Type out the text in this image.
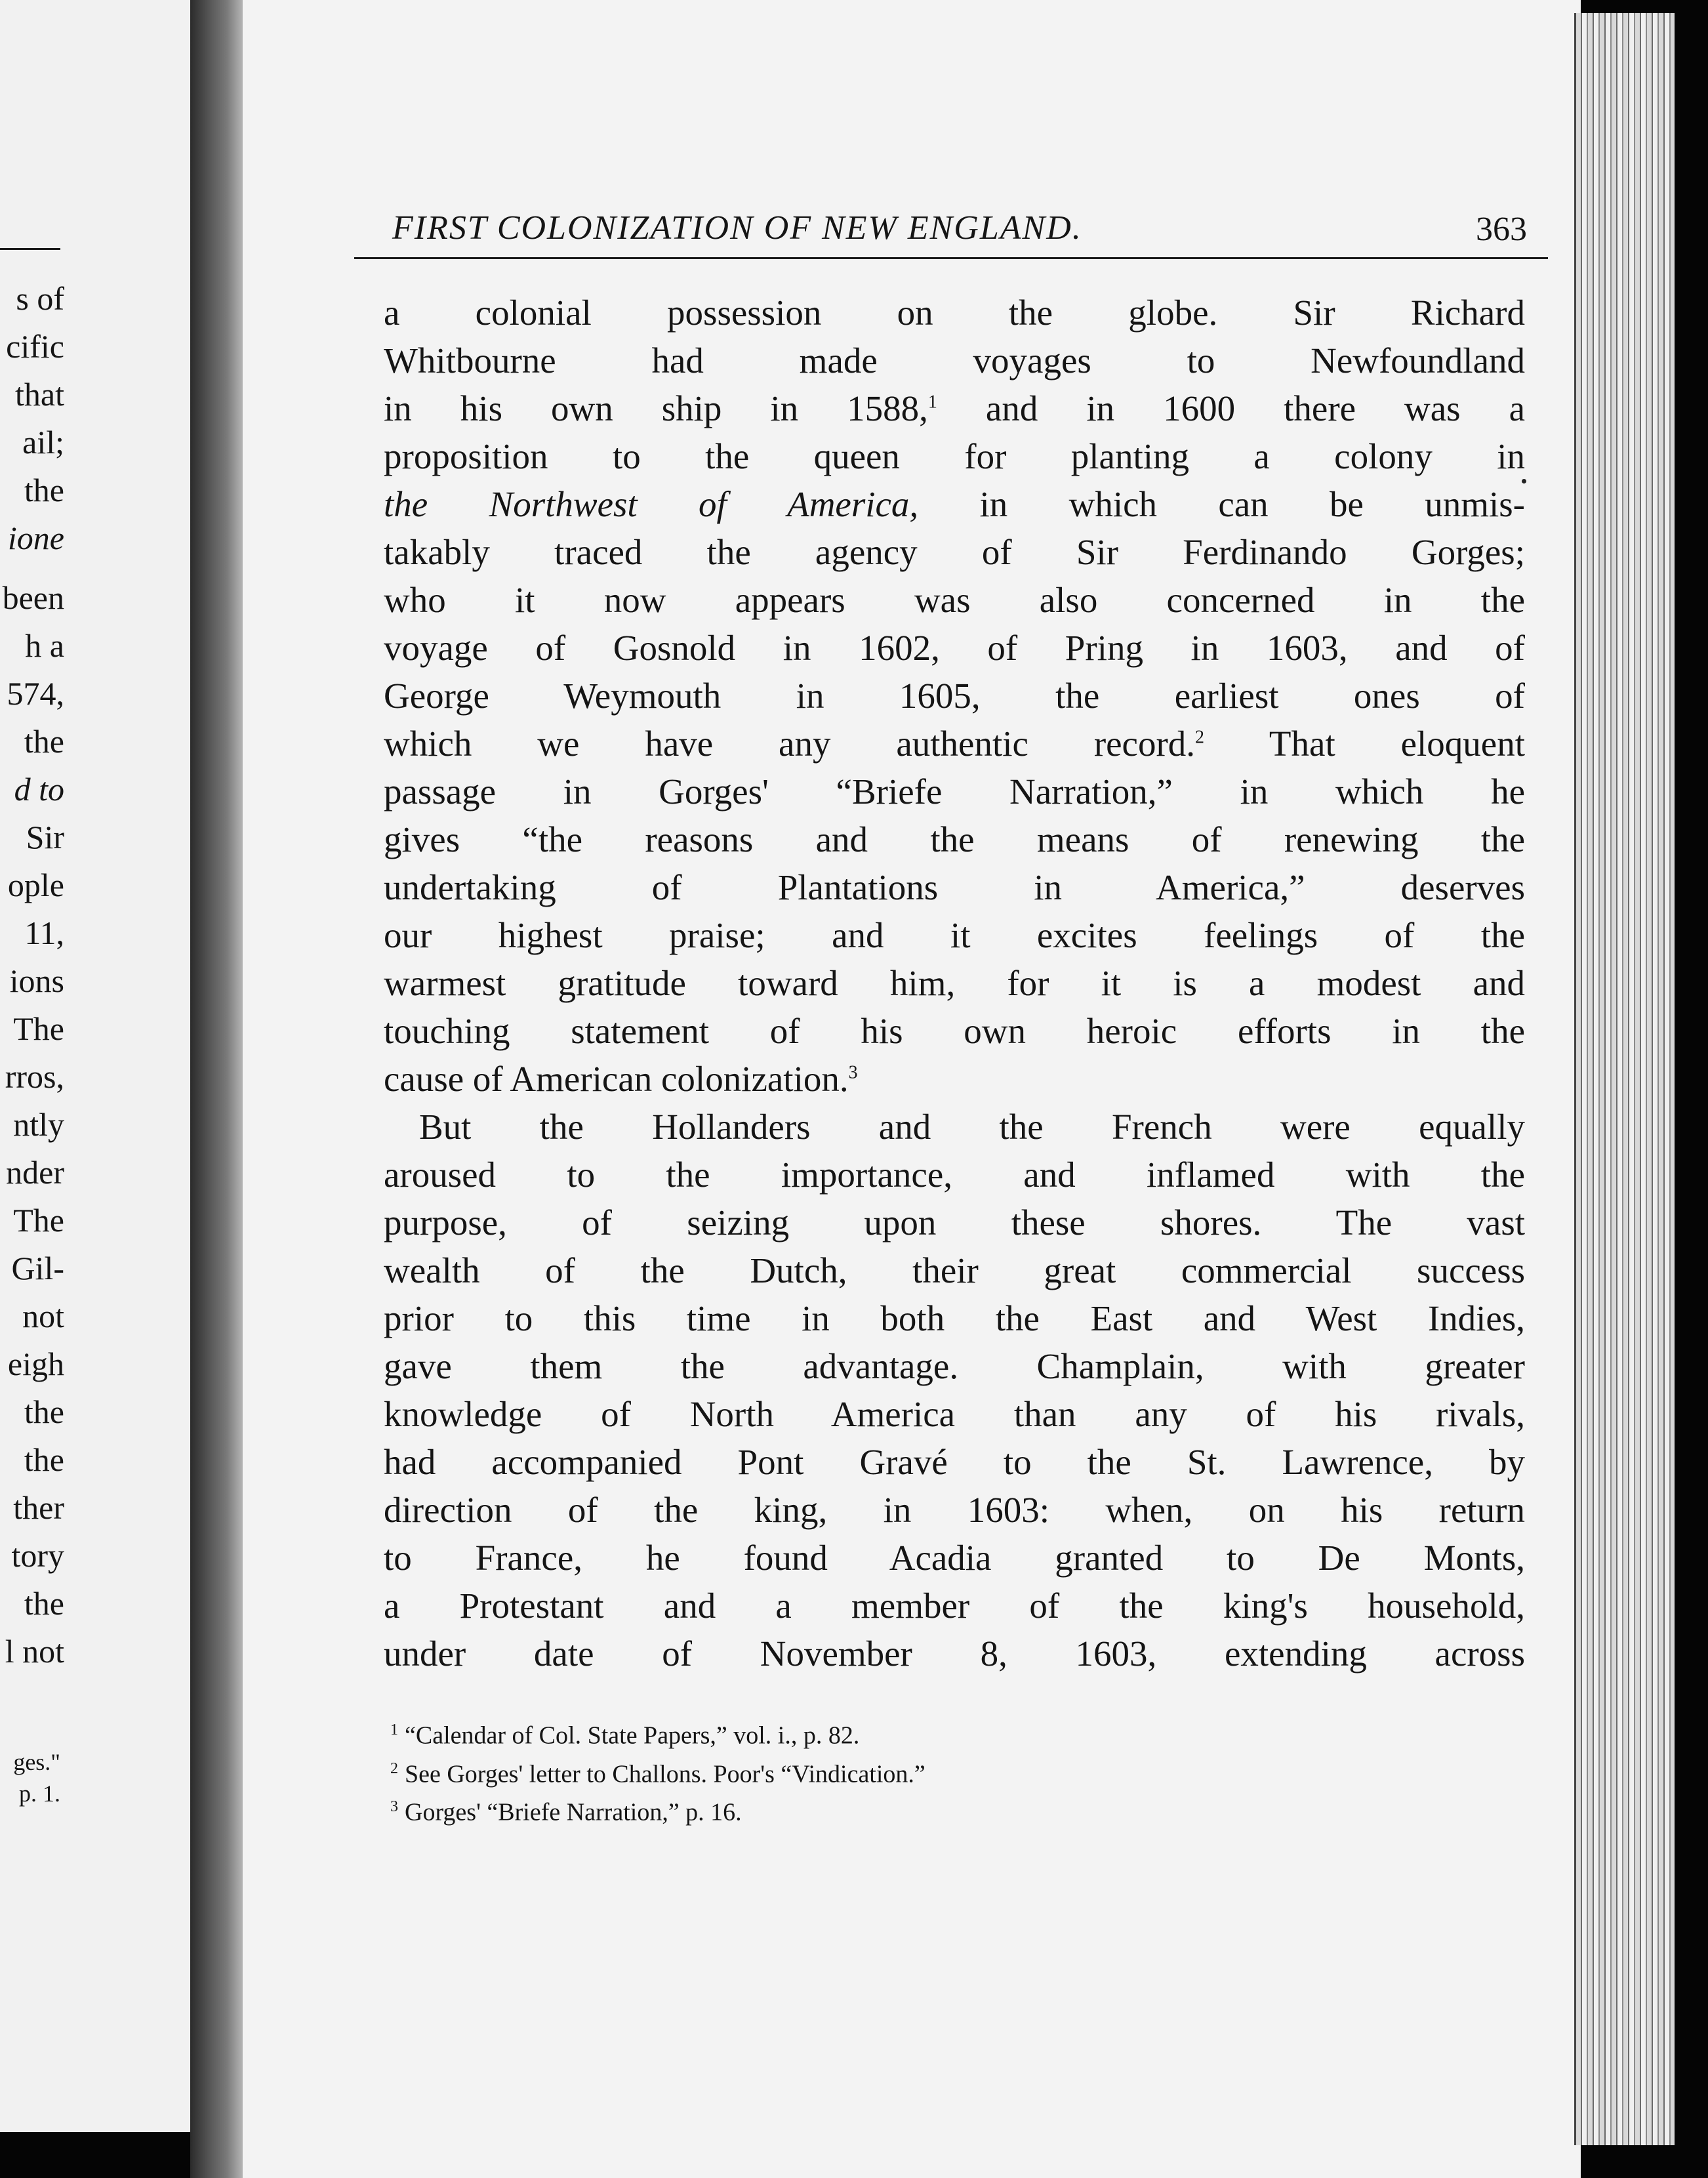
s of
cific
that
ail;
the
ione
been
h a
574,
the
d to
Sir
ople
11,
ions
The
rros,
ntly
nder
The
Gil-
not
eigh
the
the
ther
tory
the
l not
ges."
p. 1.
FIRST COLONIZATION OF NEW ENGLAND.	363
a colonial possession on the globe. Sir Richard
Whitbourne had made voyages to Newfoundland
in his own ship in 1588,$^1$ and in 1600 there was a
proposition to the queen for planting a colony in
the Northwest of America, in which can be unmis-
takably traced the agency of Sir Ferdinando Gorges;
who it now appears was also concerned in the
voyage of Gosnold in 1602, of Pring in 1603, and of
George Weymouth in 1605, the earliest ones of
which we have any authentic record.$^2$ That eloquent
passage in Gorges' “Briefe Narration,” in which he
gives “the reasons and the means of renewing the
undertaking of Plantations in America,” deserves
our highest praise; and it excites feelings of the
warmest gratitude toward him, for it is a modest and
touching statement of his own heroic efforts in the
cause of American colonization.$^3$
But the Hollanders and the French were equally
aroused to the importance, and inflamed with the
purpose, of seizing upon these shores. The vast
wealth of the Dutch, their great commercial success
prior to this time in both the East and West Indies,
gave them the advantage. Champlain, with greater
knowledge of North America than any of his rivals,
had accompanied Pont Gravé to the St. Lawrence, by
direction of the king, in 1603: when, on his return
to France, he found Acadia granted to De Monts,
a Protestant and a member of the king's household,
under date of November 8, 1603, extending across
$^1$ “Calendar of Col. State Papers,” vol. i., p. 82.
$^2$ See Gorges' letter to Challons. Poor's “Vindication.”
$^3$ Gorges' “Briefe Narration,” p. 16.
